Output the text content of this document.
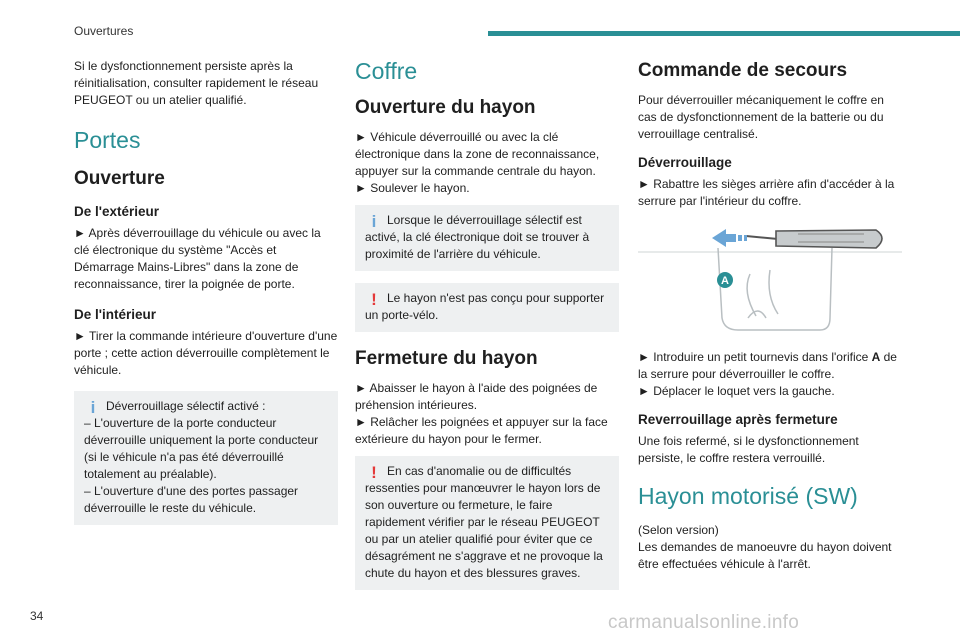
Ouvertures

Si le dysfonctionnement persiste après la réinitialisation, consulter rapidement le réseau PEUGEOT ou un atelier qualifié.

Portes
Ouverture
De l'extérieur

► Après déverrouillage du véhicule ou avec la clé électronique du système "Accès et Démarrage Mains-Libres" dans la zone de reconnaissance, tirer la poignée de porte.

De l'intérieur

► Tirer la commande intérieure d'ouverture d'une porte ; cette action déverrouille complètement le véhicule.

i Déverrouillage sélectif activé :
– L'ouverture de la porte conducteur déverrouille uniquement la porte conducteur (si le véhicule n'a pas été déverrouillé totalement au préalable).
– L'ouverture d'une des portes passager déverrouille le reste du véhicule.
Coffre
Ouverture du hayon

► Véhicule déverrouillé ou avec la clé électronique dans la zone de reconnaissance, appuyer sur la commande centrale du hayon.

► Soulever le hayon.

i Lorsque le déverrouillage sélectif est activé, la clé électronique doit se trouver à proximité de l'arrière du véhicule.
! Le hayon n'est pas conçu pour supporter un porte-vélo.
Fermeture du hayon

► Abaisser le hayon à l'aide des poignées de préhension intérieures.

► Relâcher les poignées et appuyer sur la face extérieure du hayon pour le fermer.

! En cas d'anomalie ou de difficultés ressenties pour manœuvrer le hayon lors de son ouverture ou fermeture, le faire rapidement vérifier par le réseau PEUGEOT ou par un atelier qualifié pour éviter que ce désagrément ne s'aggrave et ne provoque la chute du hayon et des blessures graves.
Commande de secours

Pour déverrouiller mécaniquement le coffre en cas de dysfonctionnement de la batterie ou du verrouillage centralisé.

Déverrouillage

► Rabattre les sièges arrière afin d'accéder à la serrure par l'intérieur du coffre.

A

► Introduire un petit tournevis dans l'orifice A de la serrure pour déverrouiller le coffre.

► Déplacer le loquet vers la gauche.

Reverrouillage après fermeture

Une fois refermé, si le dysfonctionnement persiste, le coffre restera verrouillé.

Hayon motorisé (SW)

(Selon version)

Les demandes de manoeuvre du hayon doivent être effectuées véhicule à l'arrêt.

34	carmanualsonline.info
